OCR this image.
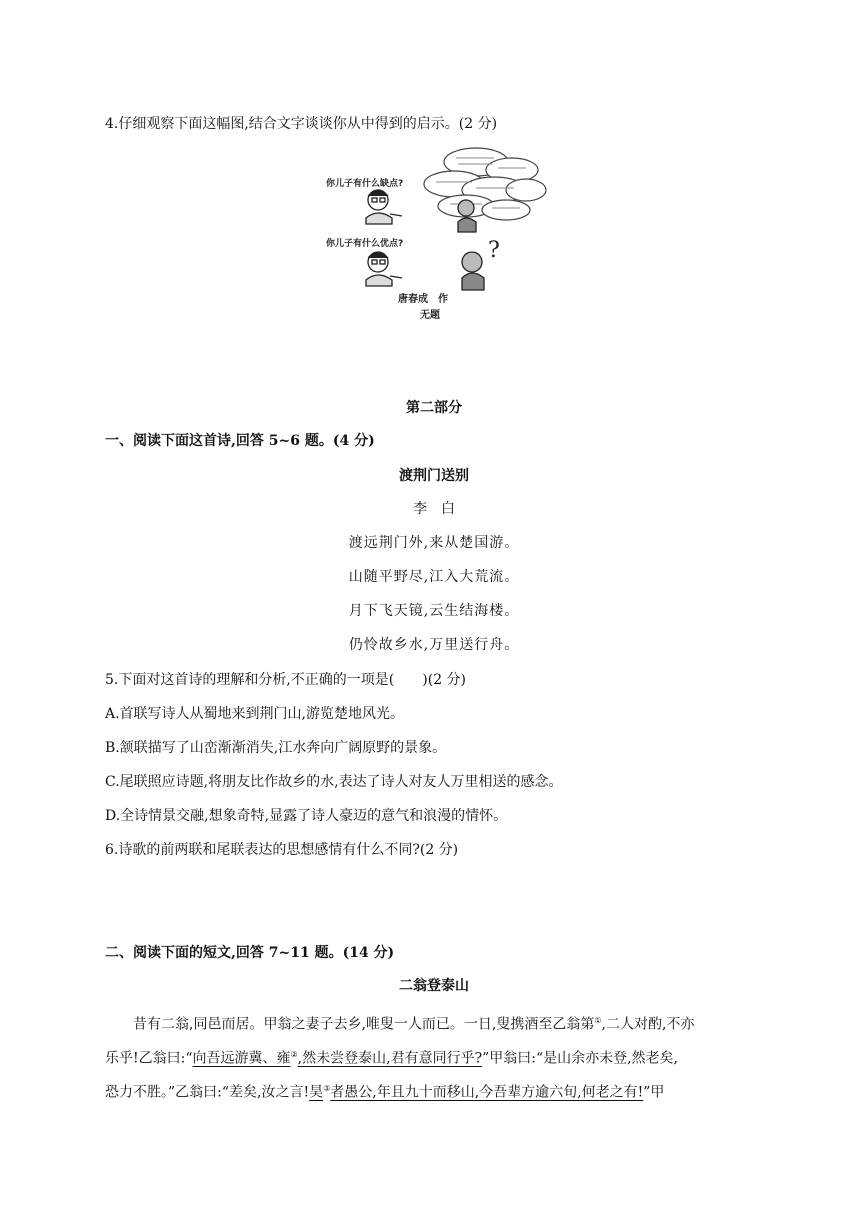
4.仔细观察下面这幅图,结合文字谈谈你从中得到的启示。(2 分)
你儿子有什么缺点?
你儿子有什么优点?	?
唐春成　作
无题
第二部分
一、阅读下面这首诗,回答 5~6 题。(4 分)
渡荆门送别
李　白
渡远荆门外,来从楚国游。
山随平野尽,江入大荒流。
月下飞天镜,云生结海楼。
仍怜故乡水,万里送行舟。
5.下面对这首诗的理解和分析,不正确的一项是(　　)(2 分)
A.首联写诗人从蜀地来到荆门山,游览楚地风光。
B.颔联描写了山峦渐渐消失,江水奔向广阔原野的景象。
C.尾联照应诗题,将朋友比作故乡的水,表达了诗人对友人万里相送的感念。
D.全诗情景交融,想象奇特,显露了诗人豪迈的意气和浪漫的情怀。
6.诗歌的前两联和尾联表达的思想感情有什么不同?(2 分)
二、阅读下面的短文,回答 7~11 题。(14 分)
二翁登泰山
昔有二翁,同邑而居。甲翁之妻子去乡,唯叟一人而已。一日,叟携酒至乙翁第①,二人对酌,不亦
乐乎!乙翁曰:“向吾远游冀、雍②,然未尝登泰山,君有意同行乎?”甲翁曰:“是山余亦未登,然老矣,
恐力不胜。”乙翁曰:“差矣,汝之言!昊③者愚公,年且九十而移山,今吾辈方逾六旬,何老之有!”甲
